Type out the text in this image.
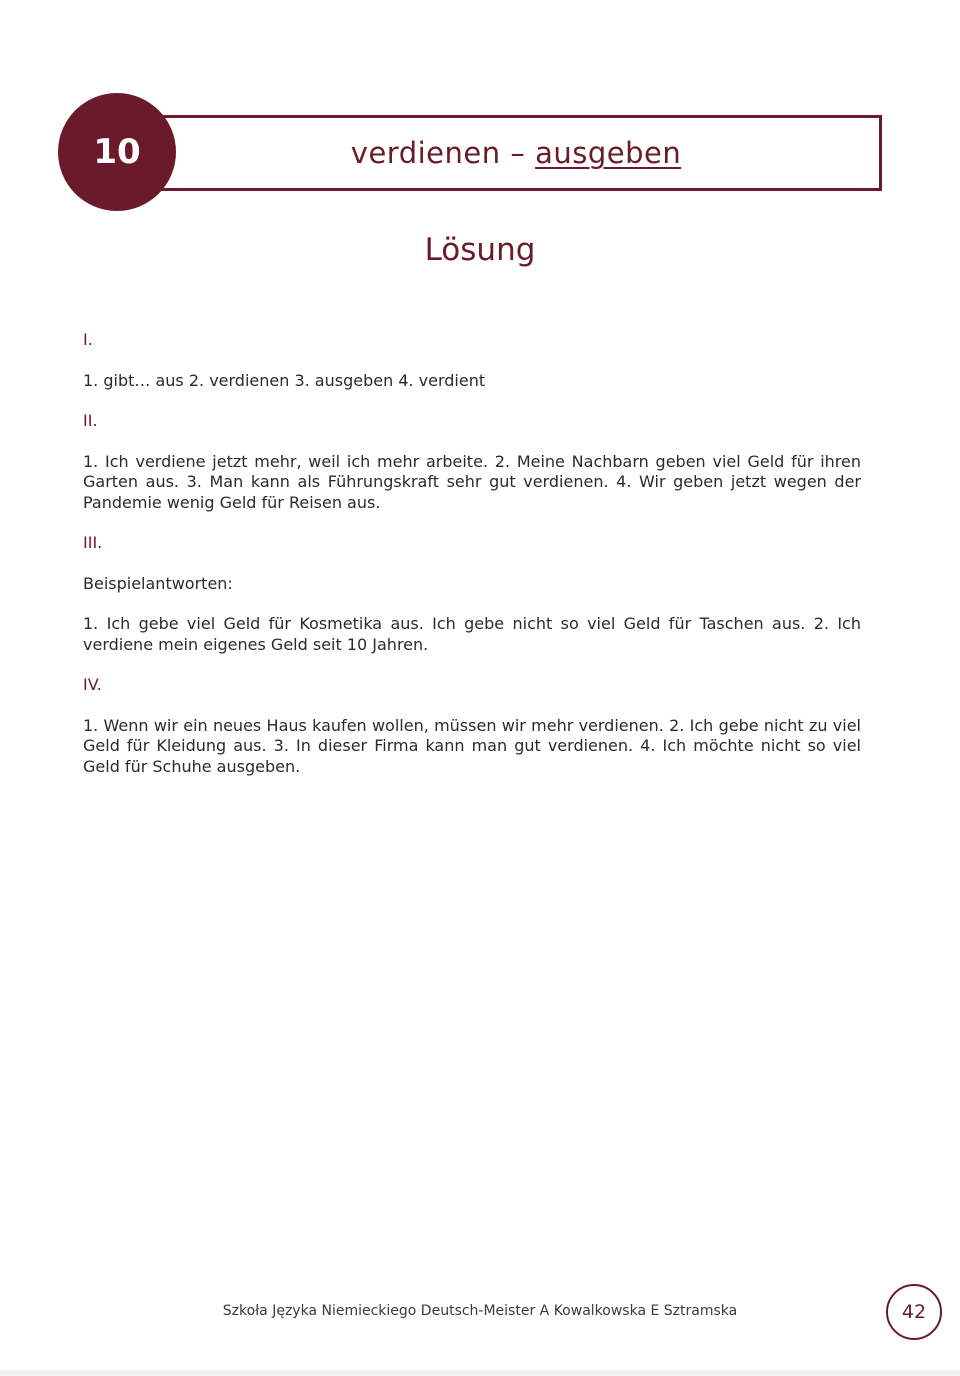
verdienen – ausgeben
10
Lösung
I.
1. gibt… aus 2. verdienen 3. ausgeben 4. verdient
II.
1. Ich verdiene jetzt mehr, weil ich mehr arbeite. 2. Meine Nachbarn geben viel Geld für ihren Garten aus. 3. Man kann als Führungskraft sehr gut verdienen. 4. Wir geben jetzt wegen der Pandemie wenig Geld für Reisen aus.
III.
Beispielantworten:
1. Ich gebe viel Geld für Kosmetika aus. Ich gebe nicht so viel Geld für Taschen aus. 2. Ich verdiene mein eigenes Geld seit 10 Jahren.
IV.
1. Wenn wir ein neues Haus kaufen wollen, müssen wir mehr verdienen. 2. Ich gebe nicht zu viel Geld für Kleidung aus. 3. In dieser Firma kann man gut verdienen. 4. Ich möchte nicht so viel Geld für Schuhe ausgeben.
Szkoła Języka Niemieckiego Deutsch-Meister A Kowalkowska E Sztramska	42
